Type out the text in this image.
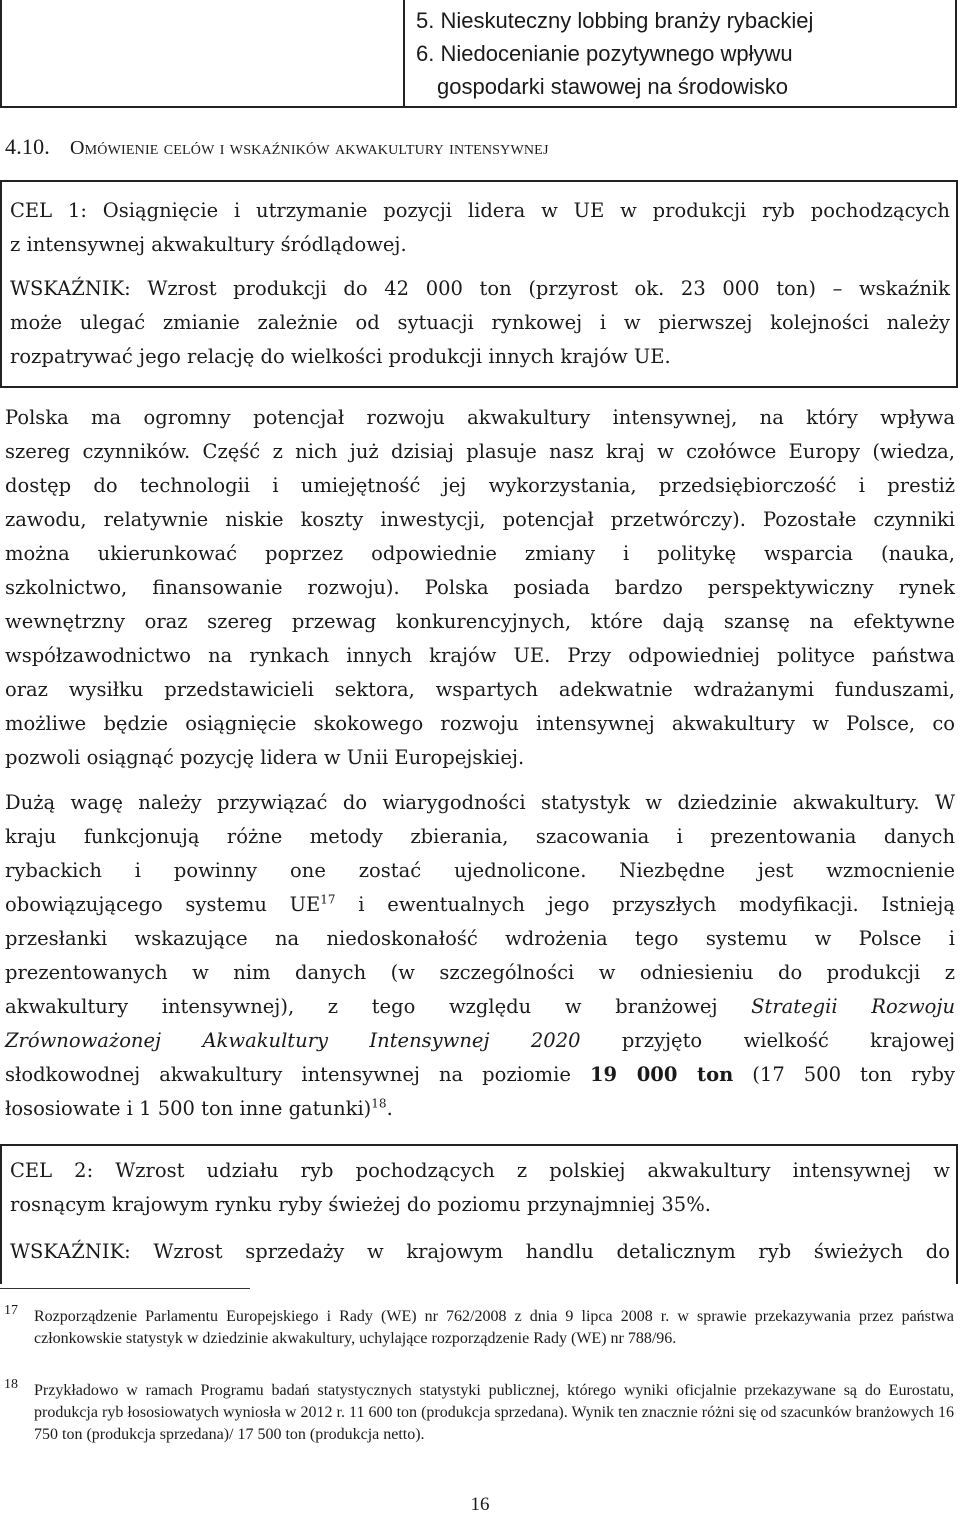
5. Nieskuteczny lobbing branży rybackiej
6. Niedocenianie pozytywnego wpływu
gospodarki stawowej na środowisko
4.10. Omówienie celów i wskaźników akwakultury intensywnej
CEL 1: Osiągnięcie i utrzymanie pozycji lidera w UE w produkcji ryb pochodzących
z intensywnej akwakultury śródlądowej.
WSKAŹNIK: Wzrost produkcji do 42 000 ton (przyrost ok. 23 000 ton) – wskaźnik
może ulegać zmianie zależnie od sytuacji rynkowej i w pierwszej kolejności należy
rozpatrywać jego relację do wielkości produkcji innych krajów UE.
Polska ma ogromny potencjał rozwoju akwakultury intensywnej, na który wpływa
szereg czynników. Część z nich już dzisiaj plasuje nasz kraj w czołówce Europy (wiedza,
dostęp do technologii i umiejętność jej wykorzystania, przedsiębiorczość i prestiż
zawodu, relatywnie niskie koszty inwestycji, potencjał przetwórczy). Pozostałe czynniki
można ukierunkować poprzez odpowiednie zmiany i politykę wsparcia (nauka,
szkolnictwo, finansowanie rozwoju). Polska posiada bardzo perspektywiczny rynek
wewnętrzny oraz szereg przewag konkurencyjnych, które dają szansę na efektywne
współzawodnictwo na rynkach innych krajów UE. Przy odpowiedniej polityce państwa
oraz wysiłku przedstawicieli sektora, wspartych adekwatnie wdrażanymi funduszami,
możliwe będzie osiągnięcie skokowego rozwoju intensywnej akwakultury w Polsce, co
pozwoli osiągnąć pozycję lidera w Unii Europejskiej.
Dużą wagę należy przywiązać do wiarygodności statystyk w dziedzinie akwakultury. W
kraju funkcjonują różne metody zbierania, szacowania i prezentowania danych
rybackich i powinny one zostać ujednolicone. Niezbędne jest wzmocnienie
obowiązującego systemu UE$^{17}$ i ewentualnych jego przyszłych modyfikacji. Istnieją
przesłanki wskazujące na niedoskonałość wdrożenia tego systemu w Polsce i
prezentowanych w nim danych (w szczególności w odniesieniu do produkcji z
akwakultury intensywnej), z tego względu w branżowej Strategii Rozwoju
Zrównoważonej Akwakultury Intensywnej 2020 przyjęto wielkość krajowej
słodkowodnej akwakultury intensywnej na poziomie 19 000 ton (17 500 ton ryby
łososiowate i 1 500 ton inne gatunki)$^{18}$.
CEL 2: Wzrost udziału ryb pochodzących z polskiej akwakultury intensywnej w
rosnącym krajowym rynku ryby świeżej do poziomu przynajmniej 35%.
WSKAŹNIK: Wzrost sprzedaży w krajowym handlu detalicznym ryb świeżych do
17 Rozporządzenie Parlamentu Europejskiego i Rady (WE) nr 762/2008 z dnia 9 lipca 2008 r. w sprawie przekazywania przez państwa członkowskie statystyk w dziedzinie akwakultury, uchylające rozporządzenie Rady (WE) nr 788/96.
18 Przykładowo w ramach Programu badań statystycznych statystyki publicznej, którego wyniki oficjalnie przekazywane są do Eurostatu, produkcja ryb łososiowatych wyniosła w 2012 r. 11 600 ton (produkcja sprzedana). Wynik ten znacznie różni się od szacunków branżowych 16 750 ton (produkcja sprzedana)/ 17 500 ton (produkcja netto).
16
